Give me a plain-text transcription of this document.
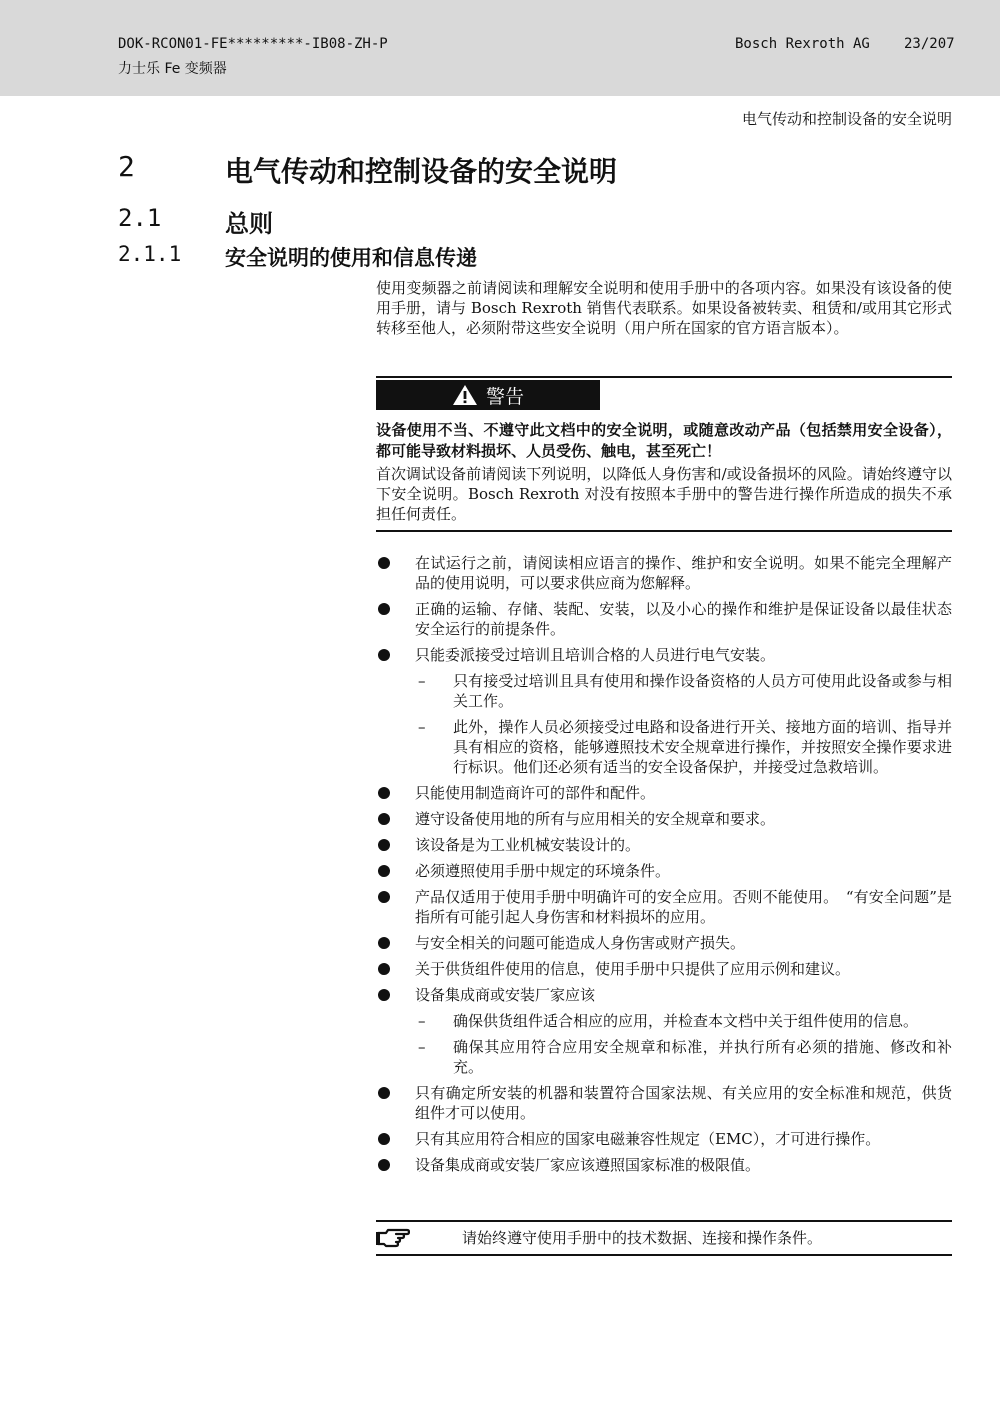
DOK-RCON01-FE*********-IB08-ZH-P
力士乐 Fe 变频器
Bosch Rexroth AG 23/207
电气传动和控制设备的安全说明
2	电气传动和控制设备的安全说明
2.1	总则
2.1.1 安全说明的使用和信息传递
使用变频器之前请阅读和理解安全说明和使用手册中的各项内容。如果没有该设备的使用手册，请与 Bosch Rexroth 销售代表联系。如果设备被转卖、租赁和/或用其它形式转移至他人，必须附带这些安全说明（用户所在国家的官方语言版本）。
警告
设备使用不当、不遵守此文档中的安全说明，或随意改动产品（包括禁用安全设备），都可能导致材料损坏、人员受伤、触电，甚至死亡！
首次调试设备前请阅读下列说明，以降低人身伤害和/或设备损坏的风险。请始终遵守以下安全说明。Bosch Rexroth 对没有按照本手册中的警告进行操作所造成的损失不承担任何责任。
在试运行之前，请阅读相应语言的操作、维护和安全说明。如果不能完全理解产品的使用说明，可以要求供应商为您解释。
正确的运输、存储、装配、安装，以及小心的操作和维护是保证设备以最佳状态安全运行的前提条件。
只能委派接受过培训且培训合格的人员进行电气安装。
– 只有接受过培训且具有使用和操作设备资格的人员方可使用此设备或参与相关工作。
– 此外，操作人员必须接受过电路和设备进行开关、接地方面的培训、指导并具有相应的资格，能够遵照技术安全规章进行操作，并按照安全操作要求进行标识。他们还必须有适当的安全设备保护，并接受过急救培训。
只能使用制造商许可的部件和配件。
遵守设备使用地的所有与应用相关的安全规章和要求。
该设备是为工业机械安装设计的。
必须遵照使用手册中规定的环境条件。
产品仅适用于使用手册中明确许可的安全应用。否则不能使用。　“有安全问题”是指所有可能引起人身伤害和材料损坏的应用。
与安全相关的问题可能造成人身伤害或财产损失。
关于供货组件使用的信息，使用手册中只提供了应用示例和建议。
设备集成商或安装厂家应该
– 确保供货组件适合相应的应用，并检查本文档中关于组件使用的信息。
– 确保其应用符合应用安全规章和标准，并执行所有必须的措施、修改和补充。
只有确定所安装的机器和装置符合国家法规、有关应用的安全标准和规范，供货组件才可以使用。
只有其应用符合相应的国家电磁兼容性规定（EMC），才可进行操作。
设备集成商或安装厂家应该遵照国家标准的极限值。
请始终遵守使用手册中的技术数据、连接和操作条件。
